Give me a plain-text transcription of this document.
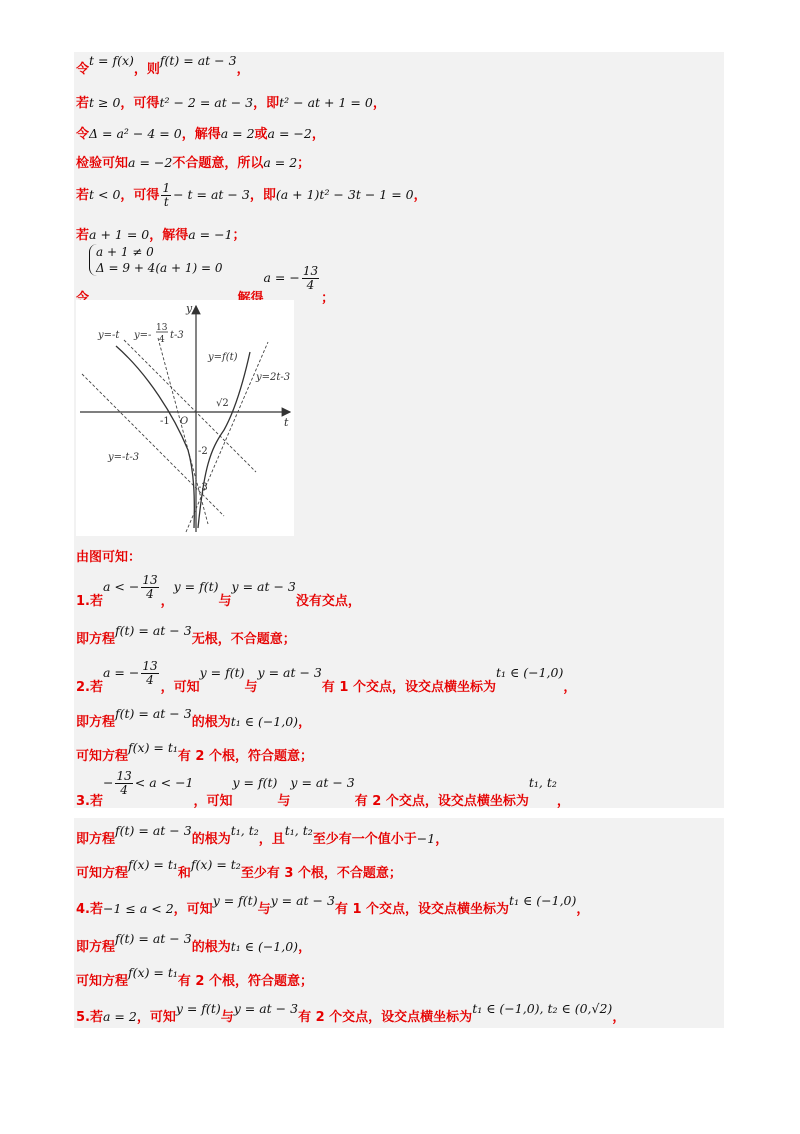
令t = f(x)，则f(t) = at − 3，
若t ≥ 0，可得t² − 2 = at − 3，即t² − at + 1 = 0，
令Δ = a² − 4 = 0，解得a = 2或a = −2，
检验可知a = −2不合题意，所以a = 2；
若t < 0，可得 $\frac{1}{t} - t$ = at − 3，即(a + 1)t² − 3t − 1 = 0，
若a + 1 = 0，解得a = −1；
令
a + 1 ≠ 0
Δ = 9 + 4(a + 1) = 0
，解得a = − $\frac{13}{4}$
；
y
t
O
y=-t y=-
13
4 t-3
y=f(t)
y=2t-3
√2
-1
-2
-3
y=-t-3
由图可知：
1.若a < − $\frac{13}{4}$
，y = f(t)与y = at − 3没有交点，
即方程f(t) = at − 3无根，不合题意；
2.若a = − $\frac{13}{4}$
，可知y = f(t)与y = at − 3有 1 个交点，设交点横坐标为t₁ ∈ (−1,0)，
即方程f(t) = at − 3的根为t₁ ∈ (−1,0)，
可知方程f(x) = t₁有 2 个根，符合题意；
3.若− $\frac{13}{4} < a < -1$，可知y = f(t)与y = at − 3有 2 个交点，设交点横坐标为t₁, t₂，
即方程f(t) = at − 3的根为t₁, t₂，且t₁, t₂至少有一个值小于−1，
可知方程f(x) = t₁和f(x) = t₂至少有 3 个根，不合题意；
4.若−1 ≤ a < 2，可知y = f(t)与y = at − 3有 1 个交点，设交点横坐标为t₁ ∈ (−1,0)，
即方程f(t) = at − 3的根为t₁ ∈ (−1,0)，
可知方程f(x) = t₁有 2 个根，符合题意；
5.若a = 2，可知y = f(t)与y = at − 3有 2 个交点，设交点横坐标为t₁ ∈ (−1,0), t₂ ∈ (0,√2)，
